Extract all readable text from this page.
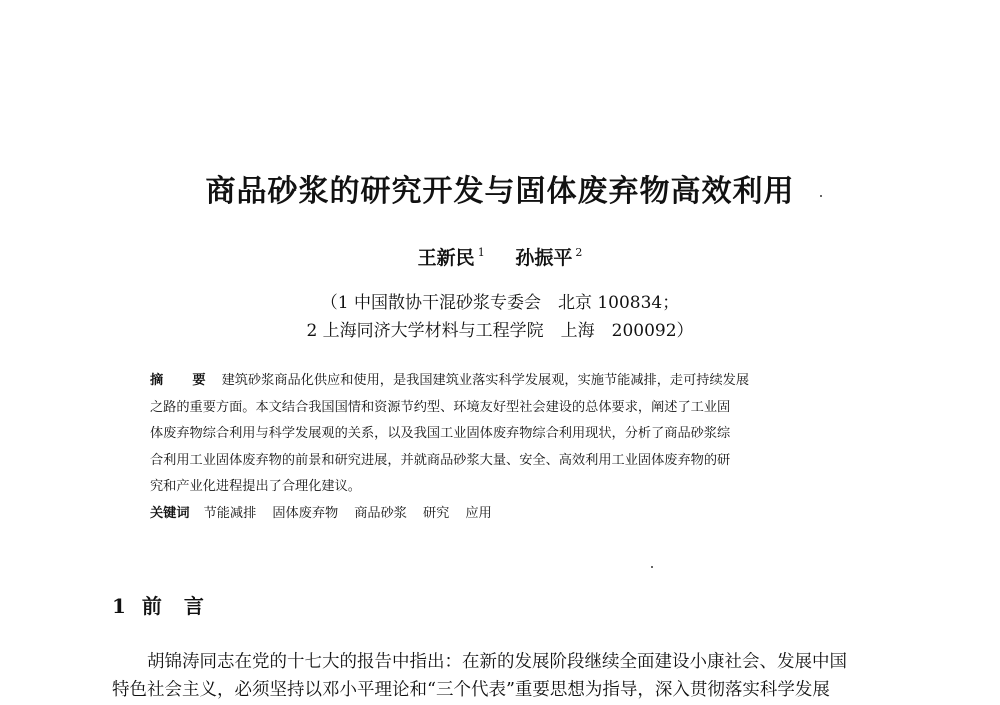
商品砂浆的研究开发与固体废弃物高效利用
王新民 $^1$ 孙振平 $^2$
（1 中国散协干混砂浆专委会　北京 100834；
2 上海同济大学材料与工程学院　上海　200092）
摘　要 建筑砂浆商品化供应和使用，是我国建筑业落实科学发展观，实施节能减排，走可持续发展
之路的重要方面。本文结合我国国情和资源节约型、环境友好型社会建设的总体要求，阐述了工业固
体废弃物综合利用与科学发展观的关系，以及我国工业固体废弃物综合利用现状，分析了商品砂浆综
合利用工业固体废弃物的前景和研究进展，并就商品砂浆大量、安全、高效利用工业固体废弃物的研
究和产业化进程提出了合理化建议。
关键词 节能减排 固体废弃物 商品砂浆 研究 应用
1 前言
胡锦涛同志在党的十七大的报告中指出：在新的发展阶段继续全面建设小康社会、发展中国
特色社会主义，必须坚持以邓小平理论和“三个代表”重要思想为指导，深入贯彻落实科学发展
